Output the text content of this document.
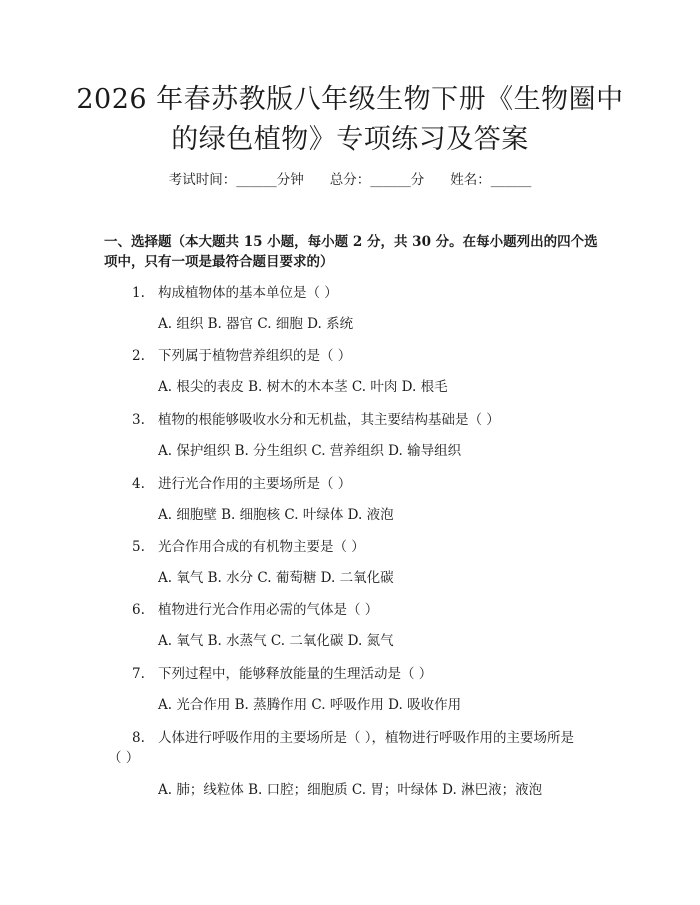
2026 年春苏教版八年级生物下册《生物圈中
的绿色植物》专项练习及答案
考试时间：______分钟 总分：______分 姓名：______
一、选择题（本大题共 15 小题，每小题 2 分，共 30 分。在每小题列出的四个选
项中，只有一项是最符合题目要求的）
1. 构成植物体的基本单位是（ ）
A. 组织 B. 器官 C. 细胞 D. 系统
2. 下列属于植物营养组织的是（ ）
A. 根尖的表皮 B. 树木的木本茎 C. 叶肉 D. 根毛
3. 植物的根能够吸收水分和无机盐，其主要结构基础是（ ）
A. 保护组织 B. 分生组织 C. 营养组织 D. 输导组织
4. 进行光合作用的主要场所是（ ）
A. 细胞壁 B. 细胞核 C. 叶绿体 D. 液泡
5. 光合作用合成的有机物主要是（ ）
A. 氧气 B. 水分 C. 葡萄糖 D. 二氧化碳
6. 植物进行光合作用必需的气体是（ ）
A. 氧气 B. 水蒸气 C. 二氧化碳 D. 氮气
7. 下列过程中，能够释放能量的生理活动是（ ）
A. 光合作用 B. 蒸腾作用 C. 呼吸作用 D. 吸收作用
8. 人体进行呼吸作用的主要场所是（ ），植物进行呼吸作用的主要场所是
（ ）
A. 肺；线粒体 B. 口腔；细胞质 C. 胃；叶绿体 D. 淋巴液；液泡
